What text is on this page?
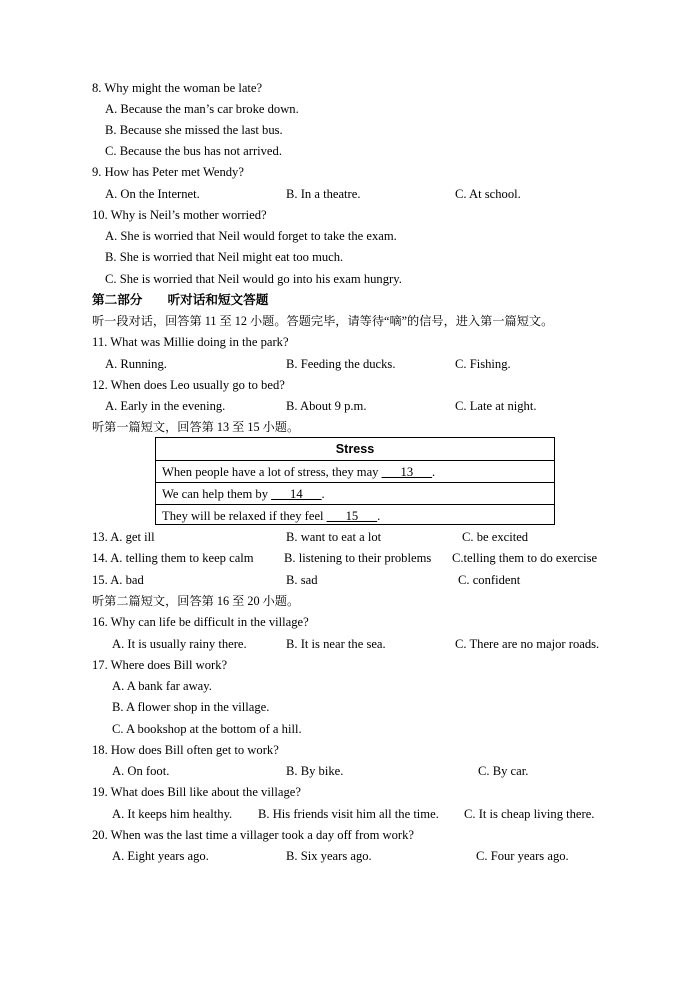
8. Why might the woman be late?
A. Because the man’s car broke down.
B. Because she missed the last bus.
C. Because the bus has not arrived.
9. How has Peter met Wendy?
A. On the Internet.	B. In a theatre.	C. At school.
10. Why is Neil’s mother worried?
A. She is worried that Neil would forget to take the exam.
B. She is worried that Neil might eat too much.
C. She is worried that Neil would go into his exam hungry.
第二部分　　听对话和短文答题
听一段对话，回答第 11 至 12 小题。答题完毕，请等待“嘀”的信号，进入第一篇短文。
11. What was Millie doing in the park?
A. Running.	B. Feeding the ducks.	C. Fishing.
12. When does Leo usually go to bed?
A. Early in the evening.	B. About 9 p.m.	C. Late at night.
听第一篇短文，回答第 13 至 15 小题。
Stress
When people have a lot of stress, they may ___13___.
We can help them by ___14___.
They will be relaxed if they feel ___15___.
13. A. get ill	B. want to eat a lot	C. be excited
14. A. telling them to keep calm B. listening to their problems C.telling them to do exercise
15. A. bad	B. sad	C. confident
听第二篇短文，回答第 16 至 20 小题。
16. Why can life be difficult in the village?
A. It is usually rainy there.	B. It is near the sea.	C. There are no major roads.
17. Where does Bill work?
A. A bank far away.
B. A flower shop in the village.
C. A bookshop at the bottom of a hill.
18. How does Bill often get to work?
A. On foot.	B. By bike.	C. By car.
19. What does Bill like about the village?
A. It keeps him healthy. B. His friends visit him all the time. C. It is cheap living there.
20. When was the last time a villager took a day off from work?
A. Eight years ago.	B. Six years ago.	C. Four years ago.
